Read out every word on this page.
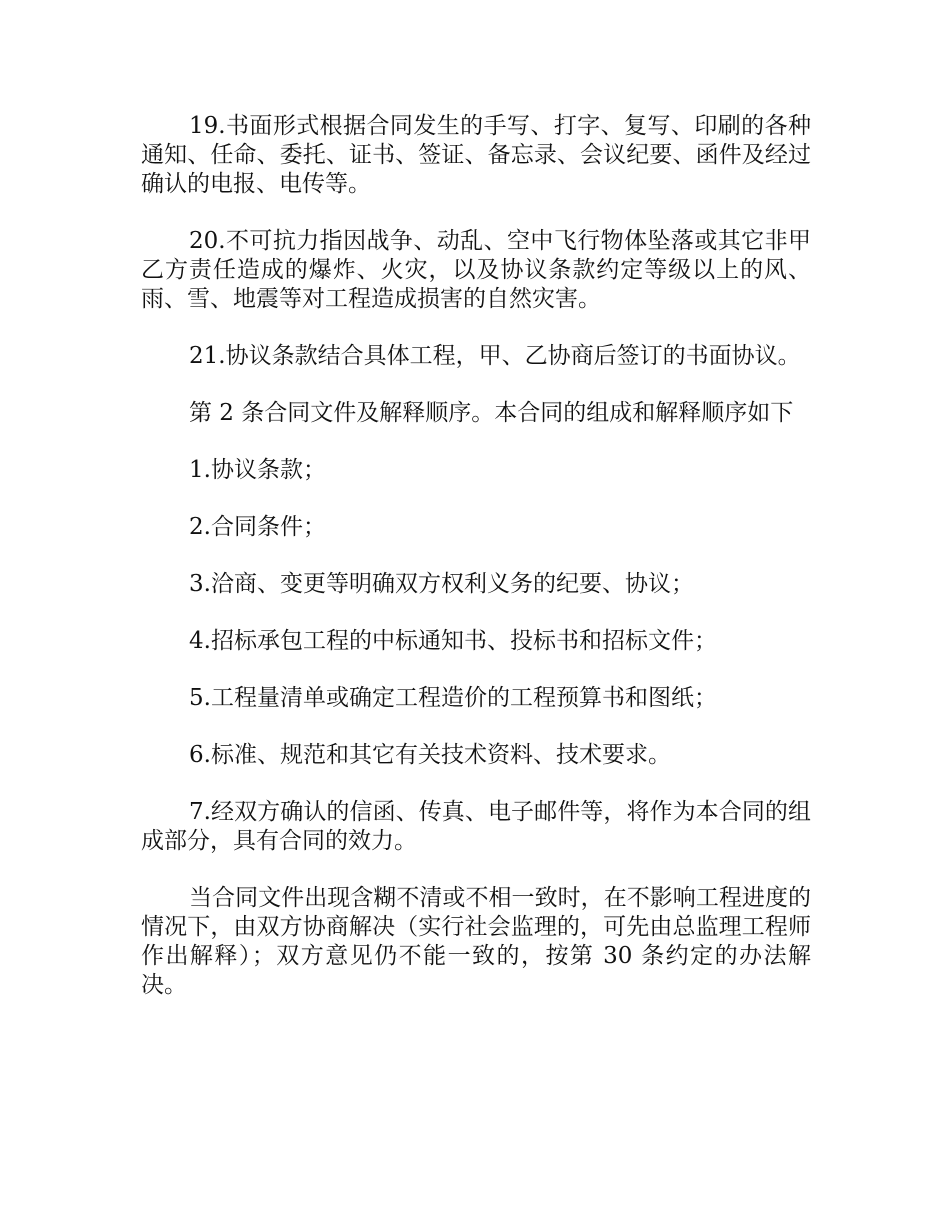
19.书面形式根据合同发生的手写、打字、复写、印刷的各种通知、任命、委托、证书、签证、备忘录、会议纪要、函件及经过确认的电报、电传等。

20.不可抗力指因战争、动乱、空中飞行物体坠落或其它非甲乙方责任造成的爆炸、火灾，以及协议条款约定等级以上的风、雨、雪、地震等对工程造成损害的自然灾害。

21.协议条款结合具体工程，甲、乙协商后签订的书面协议。

第 2 条合同文件及解释顺序。本合同的组成和解释顺序如下

1.协议条款；

2.合同条件；

3.洽商、变更等明确双方权利义务的纪要、协议；

4.招标承包工程的中标通知书、投标书和招标文件；

5.工程量清单或确定工程造价的工程预算书和图纸；

6.标准、规范和其它有关技术资料、技术要求。

7.经双方确认的信函、传真、电子邮件等，将作为本合同的组成部分，具有合同的效力。

当合同文件出现含糊不清或不相一致时，在不影响工程进度的情况下，由双方协商解决（实行社会监理的，可先由总监理工程师作出解释）；双方意见仍不能一致的，按第 30 条约定的办法解决。
